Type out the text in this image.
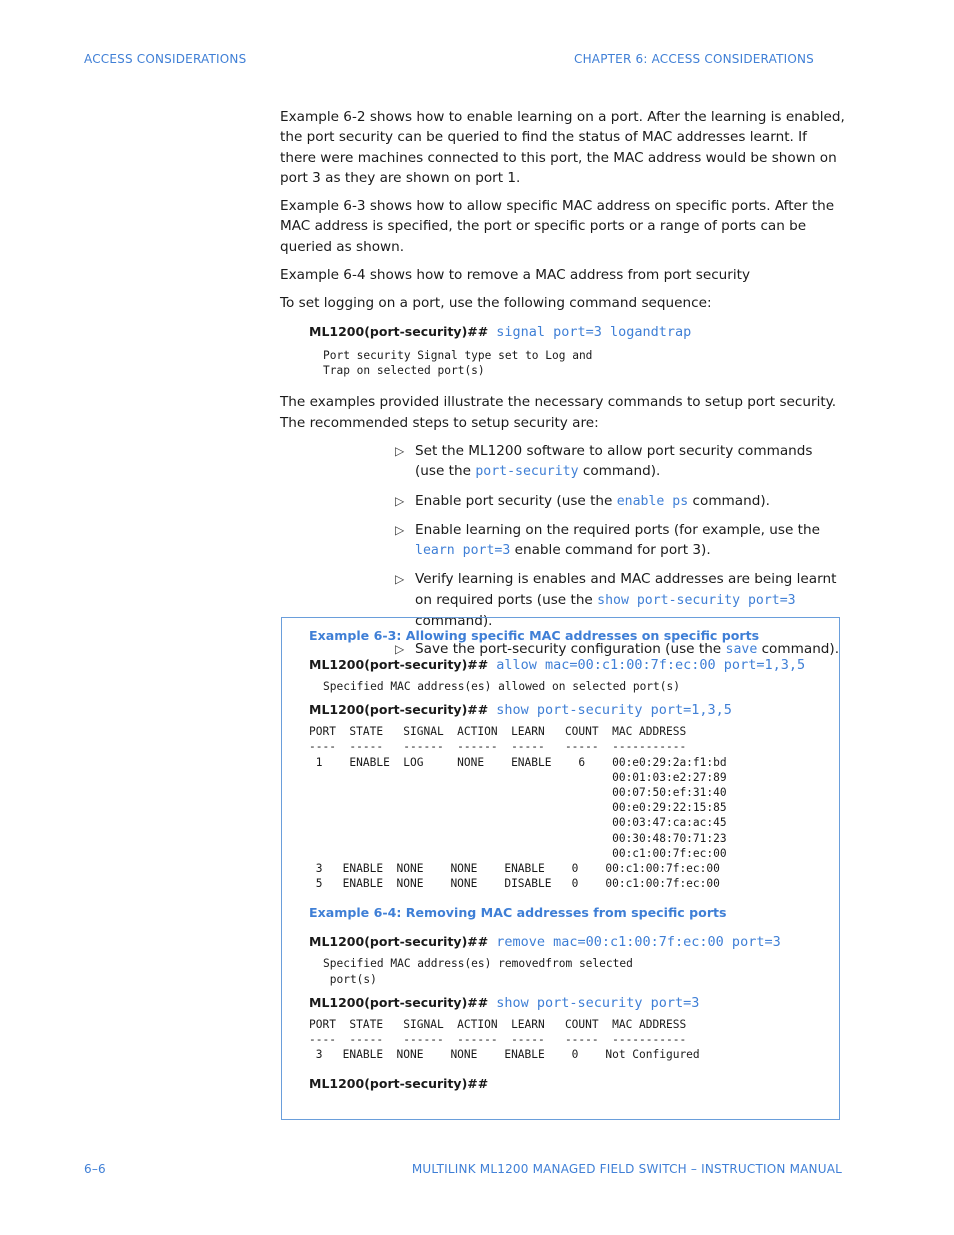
ACCESS CONSIDERATIONS	CHAPTER 6: ACCESS CONSIDERATIONS

Example 6-2 shows how to enable learning on a port. After the learning is enabled, the port security can be queried to find the status of MAC addresses learnt. If there were machines connected to this port, the MAC address would be shown on port 3 as they are shown on port 1.

Example 6-3 shows how to allow specific MAC address on specific ports. After the MAC address is specified, the port or specific ports or a range of ports can be queried as shown.

Example 6-4 shows how to remove a MAC address from port security

To set logging on a port, use the following command sequence:

ML1200(port-security)## signal port=3 logandtrap
Port security Signal type set to Log and
Trap on selected port(s)

The examples provided illustrate the necessary commands to setup port security. The recommended steps to setup security are:

▷ Set the ML1200 software to allow port security commands (use the port-security command).
▷ Enable port security (use the enable ps command).
▷ Enable learning on the required ports (for example, use the learn port=3 enable command for port 3).
▷ Verify learning is enables and MAC addresses are being learnt on required ports (use the show port-security port=3 command).
▷ Save the port-security configuration (use the save command).
Example 6-3: Allowing specific MAC addresses on specific ports
ML1200(port-security)## allow mac=00:c1:00:7f:ec:00 port=1,3,5
Specified MAC address(es) allowed on selected port(s)
ML1200(port-security)## show port-security port=1,3,5
PORT  STATE   SIGNAL  ACTION  LEARN   COUNT  MAC ADDRESS
----  -----   ------  ------  -----   -----  -----------
1    ENABLE  LOG     NONE    ENABLE    6    00:e0:29:2a:f1:bd
00:01:03:e2:27:89
00:07:50:ef:31:40
00:e0:29:22:15:85
00:03:47:ca:ac:45
00:30:48:70:71:23
00:c1:00:7f:ec:00
3   ENABLE  NONE    NONE    ENABLE    0    00:c1:00:7f:ec:00
5   ENABLE  NONE    NONE    DISABLE   0    00:c1:00:7f:ec:00
Example 6-4: Removing MAC addresses from specific ports
ML1200(port-security)## remove mac=00:c1:00:7f:ec:00 port=3
Specified MAC address(es) removedfrom selected
port(s)
ML1200(port-security)## show port-security port=3
PORT  STATE   SIGNAL  ACTION  LEARN   COUNT  MAC ADDRESS
----  -----   ------  ------  -----   -----  -----------
3   ENABLE  NONE    NONE    ENABLE    0    Not Configured
ML1200(port-security)##
6–6	MULTILINK ML1200 MANAGED FIELD SWITCH – INSTRUCTION MANUAL
